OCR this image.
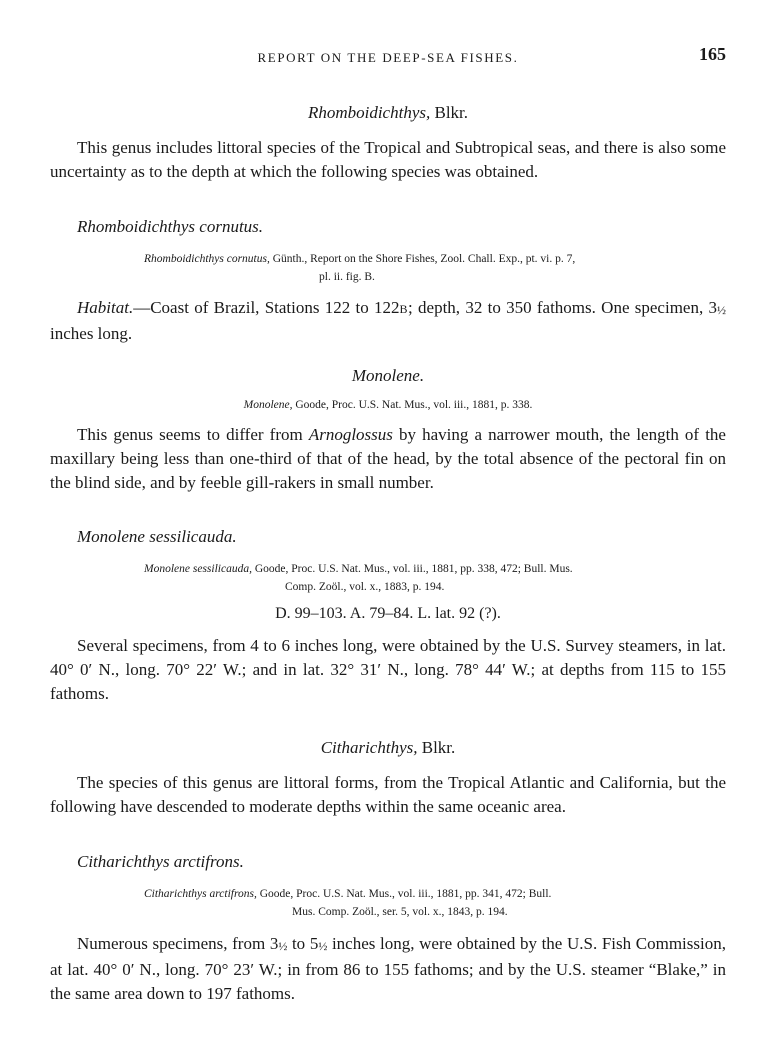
REPORT ON THE DEEP-SEA FISHES.	165
Rhomboidichthys, Blkr.
This genus includes littoral species of the Tropical and Subtropical seas, and there is also some uncertainty as to the depth at which the following species was obtained.
Rhomboidichthys cornutus.
Rhomboidichthys cornutus, Günth., Report on the Shore Fishes, Zool. Chall. Exp., pt. vi. p. 7,
pl. ii. fig. B.
Habitat.—Coast of Brazil, Stations 122 to 122B; depth, 32 to 350 fathoms. One specimen, 3½ inches long.
Monolene.
Monolene, Goode, Proc. U.S. Nat. Mus., vol. iii., 1881, p. 338.
This genus seems to differ from Arnoglossus by having a narrower mouth, the length of the maxillary being less than one-third of that of the head, by the total absence of the pectoral fin on the blind side, and by feeble gill-rakers in small number.
Monolene sessilicauda.
Monolene sessilicauda, Goode, Proc. U.S. Nat. Mus., vol. iii., 1881, pp. 338, 472; Bull. Mus.
Comp. Zoöl., vol. x., 1883, p. 194.
D. 99–103. A. 79–84. L. lat. 92 (?).
Several specimens, from 4 to 6 inches long, were obtained by the U.S. Survey steamers, in lat. 40° 0′ N., long. 70° 22′ W.; and in lat. 32° 31′ N., long. 78° 44′ W.; at depths from 115 to 155 fathoms.
Citharichthys, Blkr.
The species of this genus are littoral forms, from the Tropical Atlantic and California, but the following have descended to moderate depths within the same oceanic area.
Citharichthys arctifrons.
Citharichthys arctifrons, Goode, Proc. U.S. Nat. Mus., vol. iii., 1881, pp. 341, 472; Bull.
Mus. Comp. Zoöl., ser. 5, vol. x., 1843, p. 194.
Numerous specimens, from 3½ to 5½ inches long, were obtained by the U.S. Fish Commission, at lat. 40° 0′ N., long. 70° 23′ W.; in from 86 to 155 fathoms; and by the U.S. steamer “Blake,” in the same area down to 197 fathoms.
